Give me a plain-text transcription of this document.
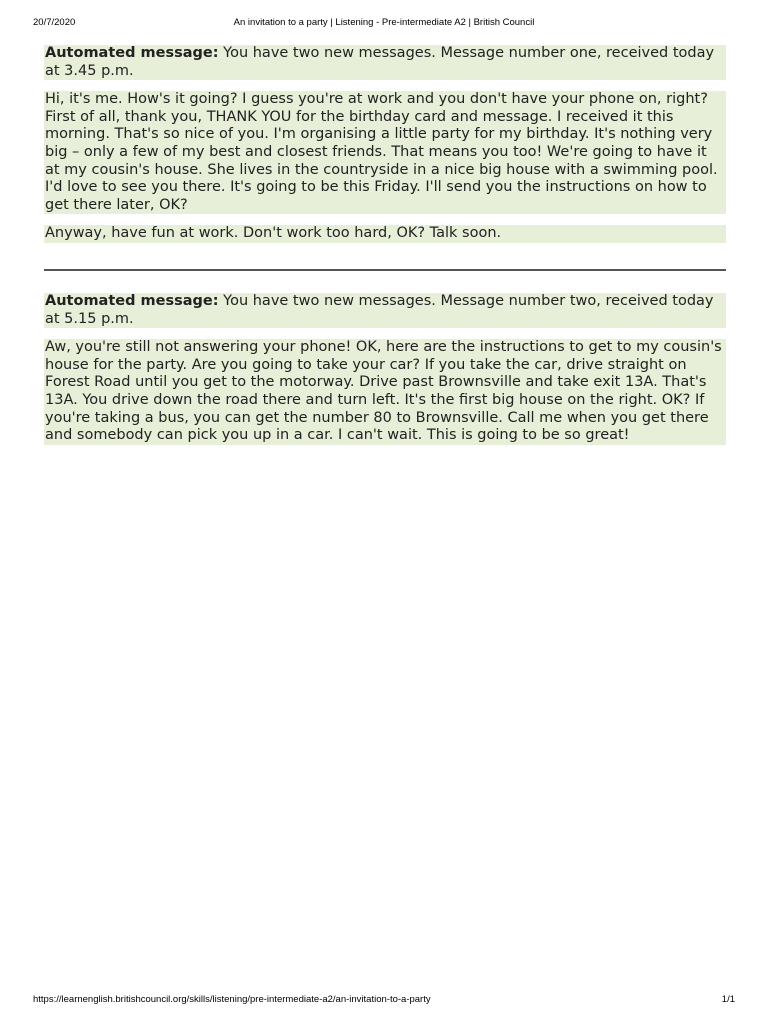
20/7/2020	An invitation to a party | Listening - Pre-intermediate A2 | British Council

Automated message: You have two new messages. Message number one, received today at 3.45 p.m.

Hi, it's me. How's it going? I guess you're at work and you don't have your phone on, right? First of all, thank you, THANK YOU for the birthday card and message. I received it this morning. That's so nice of you. I'm organising a little party for my birthday. It's nothing very big – only a few of my best and closest friends. That means you too! We're going to have it at my cousin's house. She lives in the countryside in a nice big house with a swimming pool. I'd love to see you there. It's going to be this Friday. I'll send you the instructions on how to get there later, OK?

Anyway, have fun at work. Don't work too hard, OK? Talk soon.

Automated message: You have two new messages. Message number two, received today at 5.15 p.m.

Aw, you're still not answering your phone! OK, here are the instructions to get to my cousin's house for the party. Are you going to take your car? If you take the car, drive straight on Forest Road until you get to the motorway. Drive past Brownsville and take exit 13A. That's 13A. You drive down the road there and turn left. It's the first big house on the right. OK? If you're taking a bus, you can get the number 80 to Brownsville. Call me when you get there and somebody can pick you up in a car. I can't wait. This is going to be so great!

https://learnenglish.britishcouncil.org/skills/listening/pre-intermediate-a2/an-invitation-to-a-party	1/1
